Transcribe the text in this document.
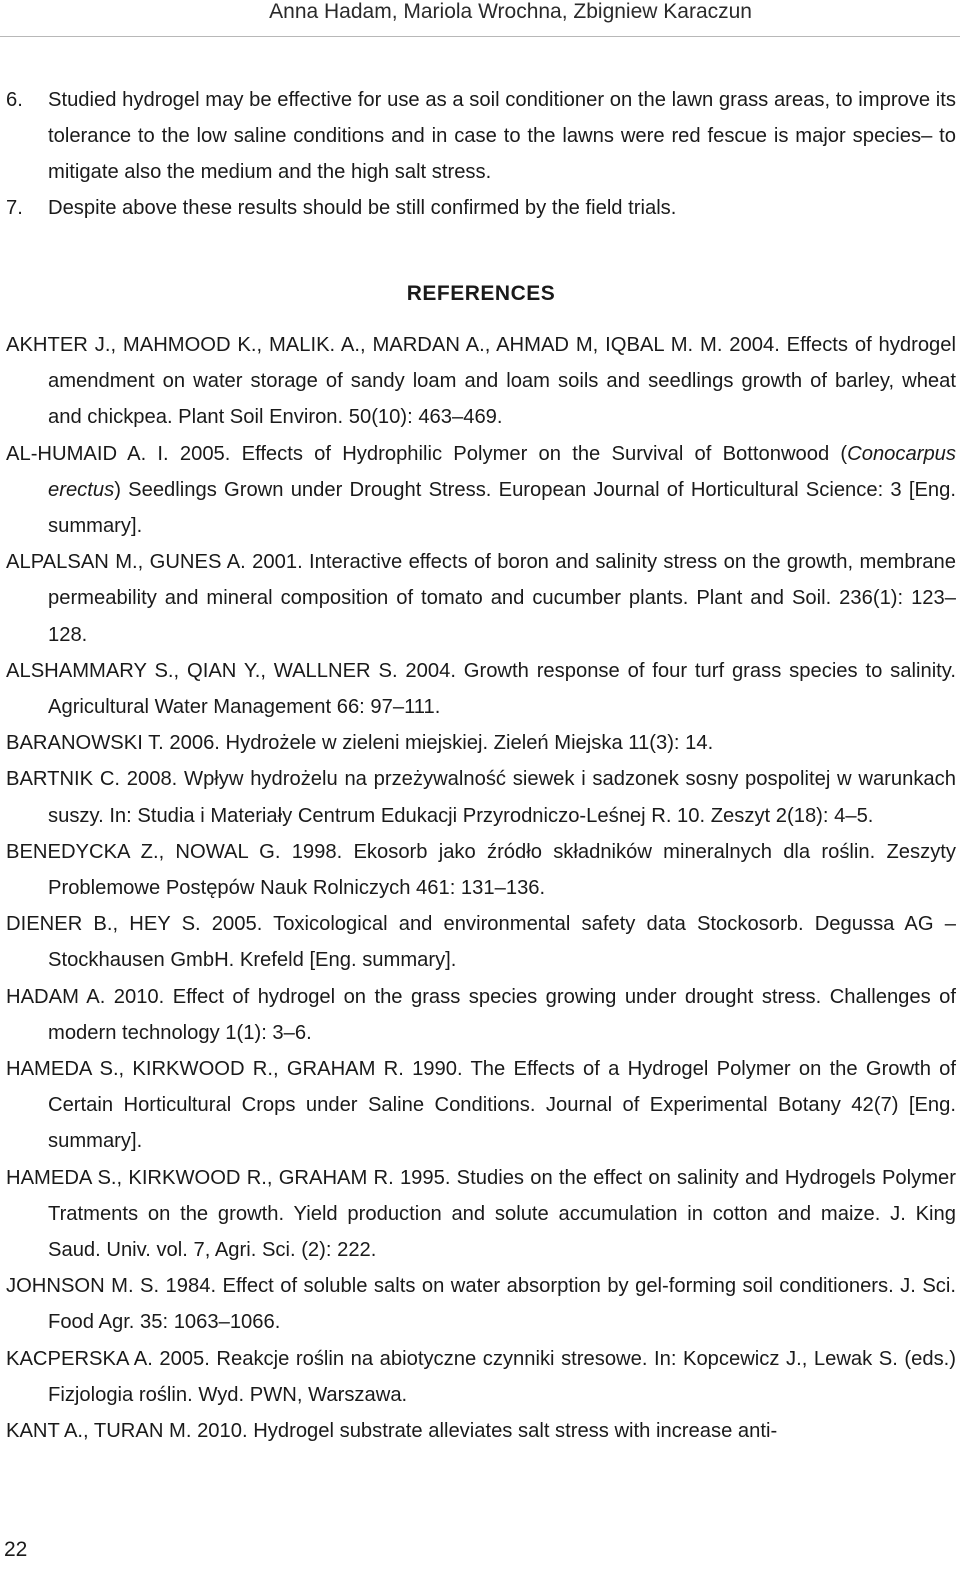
Anna Hadam, Mariola Wrochna, Zbigniew Karaczun
6. Studied hydrogel may be effective for use as a soil conditioner on the lawn grass areas, to improve its tolerance to the low saline conditions and in case to the lawns were red fescue is major species– to mitigate also the medium and the high salt stress.
7. Despite above these results should be still confirmed by the field trials.
REFERENCES
AKHTER J., MAHMOOD K., MALIK. A., MARDAN A., AHMAD M, IQBAL M. M. 2004. Effects of hydrogel amendment on water storage of sandy loam and loam soils and seedlings growth of barley, wheat and chickpea. Plant Soil Environ. 50(10): 463–469.
AL-HUMAID A. I. 2005. Effects of Hydrophilic Polymer on the Survival of Bottonwood (Conocarpus erectus) Seedlings Grown under Drought Stress. European Journal of Horticultural Science: 3 [Eng. summary].
ALPALSAN M., GUNES A. 2001. Interactive effects of boron and salinity stress on the growth, membrane permeability and mineral composition of tomato and cucumber plants. Plant and Soil. 236(1): 123–128.
ALSHAMMARY S., QIAN Y., WALLNER S. 2004. Growth response of four turf grass species to salinity. Agricultural Water Management 66: 97–111.
BARANOWSKI T. 2006. Hydrożele w zieleni miejskiej. Zieleń Miejska 11(3): 14.
BARTNIK C. 2008. Wpływ hydrożelu na przeżywalność siewek i sadzonek sosny pospolitej w warunkach suszy. In: Studia i Materiały Centrum Edukacji Przyrodniczo-Leśnej R. 10. Zeszyt 2(18): 4–5.
BENEDYCKA Z., NOWAL G. 1998. Ekosorb jako źródło składników mineralnych dla roślin. Zeszyty Problemowe Postępów Nauk Rolniczych 461: 131–136.
DIENER B., HEY S. 2005. Toxicological and environmental safety data Stockosorb. Degussa AG – Stockhausen GmbH. Krefeld [Eng. summary].
HADAM A. 2010. Effect of hydrogel on the grass species growing under drought stress. Challenges of modern technology 1(1): 3–6.
HAMEDA S., KIRKWOOD R., GRAHAM R. 1990. The Effects of a Hydrogel Polymer on the Growth of Certain Horticultural Crops under Saline Conditions. Journal of Experimental Botany 42(7) [Eng. summary].
HAMEDA S., KIRKWOOD R., GRAHAM R. 1995. Studies on the effect on salinity and Hydrogels Polymer Tratments on the growth. Yield production and solute accumulation in cotton and maize. J. King Saud. Univ. vol. 7, Agri. Sci. (2): 222.
JOHNSON M. S. 1984. Effect of soluble salts on water absorption by gel-forming soil conditioners. J. Sci. Food Agr. 35: 1063–1066.
KACPERSKA A. 2005. Reakcje roślin na abiotyczne czynniki stresowe. In: Kopcewicz J., Lewak S. (eds.) Fizjologia roślin. Wyd. PWN, Warszawa.
KANT A., TURAN M. 2010. Hydrogel substrate alleviates salt stress with increase anti-
22
